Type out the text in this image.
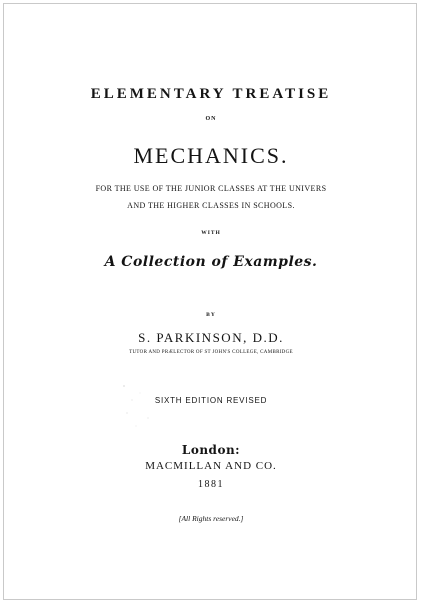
ELEMENTARY TREATISE
ON
MECHANICS.
FOR THE USE OF THE JUNIOR CLASSES AT THE UNIVERS
AND THE HIGHER CLASSES IN SCHOOLS.
WITH
A Collection of Examples.
BY
S. PARKINSON, D.D.
TUTOR AND PRÆLECTOR OF ST JOHN'S COLLEGE, CAMBRIDGE
SIXTH EDITION REVISED
London:
MACMILLAN AND CO.
1881
[All Rights reserved.]
